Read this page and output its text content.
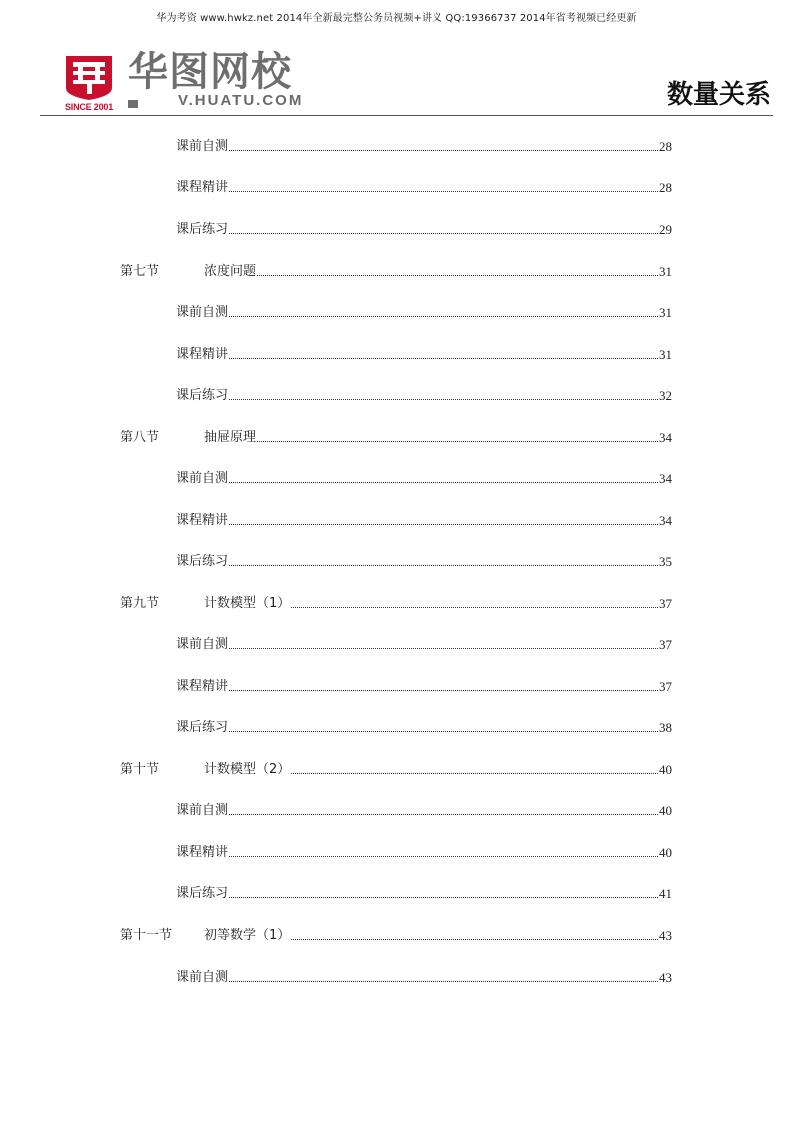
华为考资 www.hwkz.net 2014年全新最完整公务员视频+讲义 QQ:19366737 2014年省考视频已经更新
SINCE 2001
华图网校
V.HUATU.COM	数量关系
课前自测	28
课程精讲	28
课后练习	29
第七节	浓度问题	31
课前自测	31
课程精讲	31
课后练习	32
第八节	抽屉原理	34
课前自测	34
课程精讲	34
课后练习	35
第九节	计数模型（1）	37
课前自测	37
课程精讲	37
课后练习	38
第十节	计数模型（2）	40
课前自测	40
课程精讲	40
课后练习	41
第十一节 初等数学（1）	43
课前自测	43
